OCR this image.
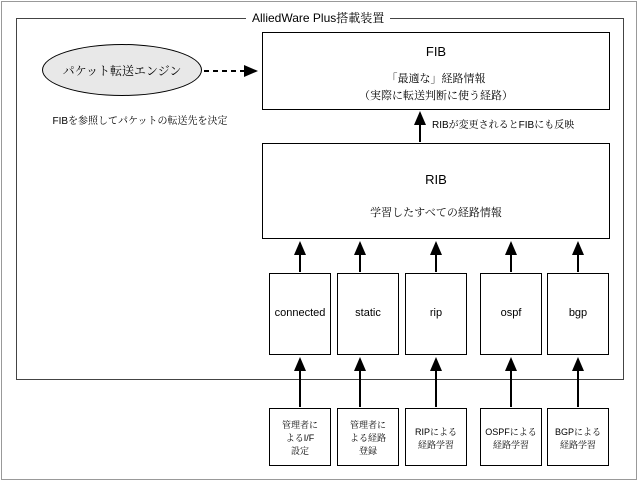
AlliedWare Plus搭載装置
FIB
「最適な」経路情報
（実際に転送判断に使う経路）
RIBが変更されるとFIBにも反映
RIB
学習したすべての経路情報
パケット転送エンジン
FIBを参照してパケットの転送先を決定
connected	static	rip	ospf	bgp
管理者に
よるI/F
設定
管理者に
よる経路
登録
RIPによる
経路学習
OSPFによる
経路学習
BGPによる
経路学習
